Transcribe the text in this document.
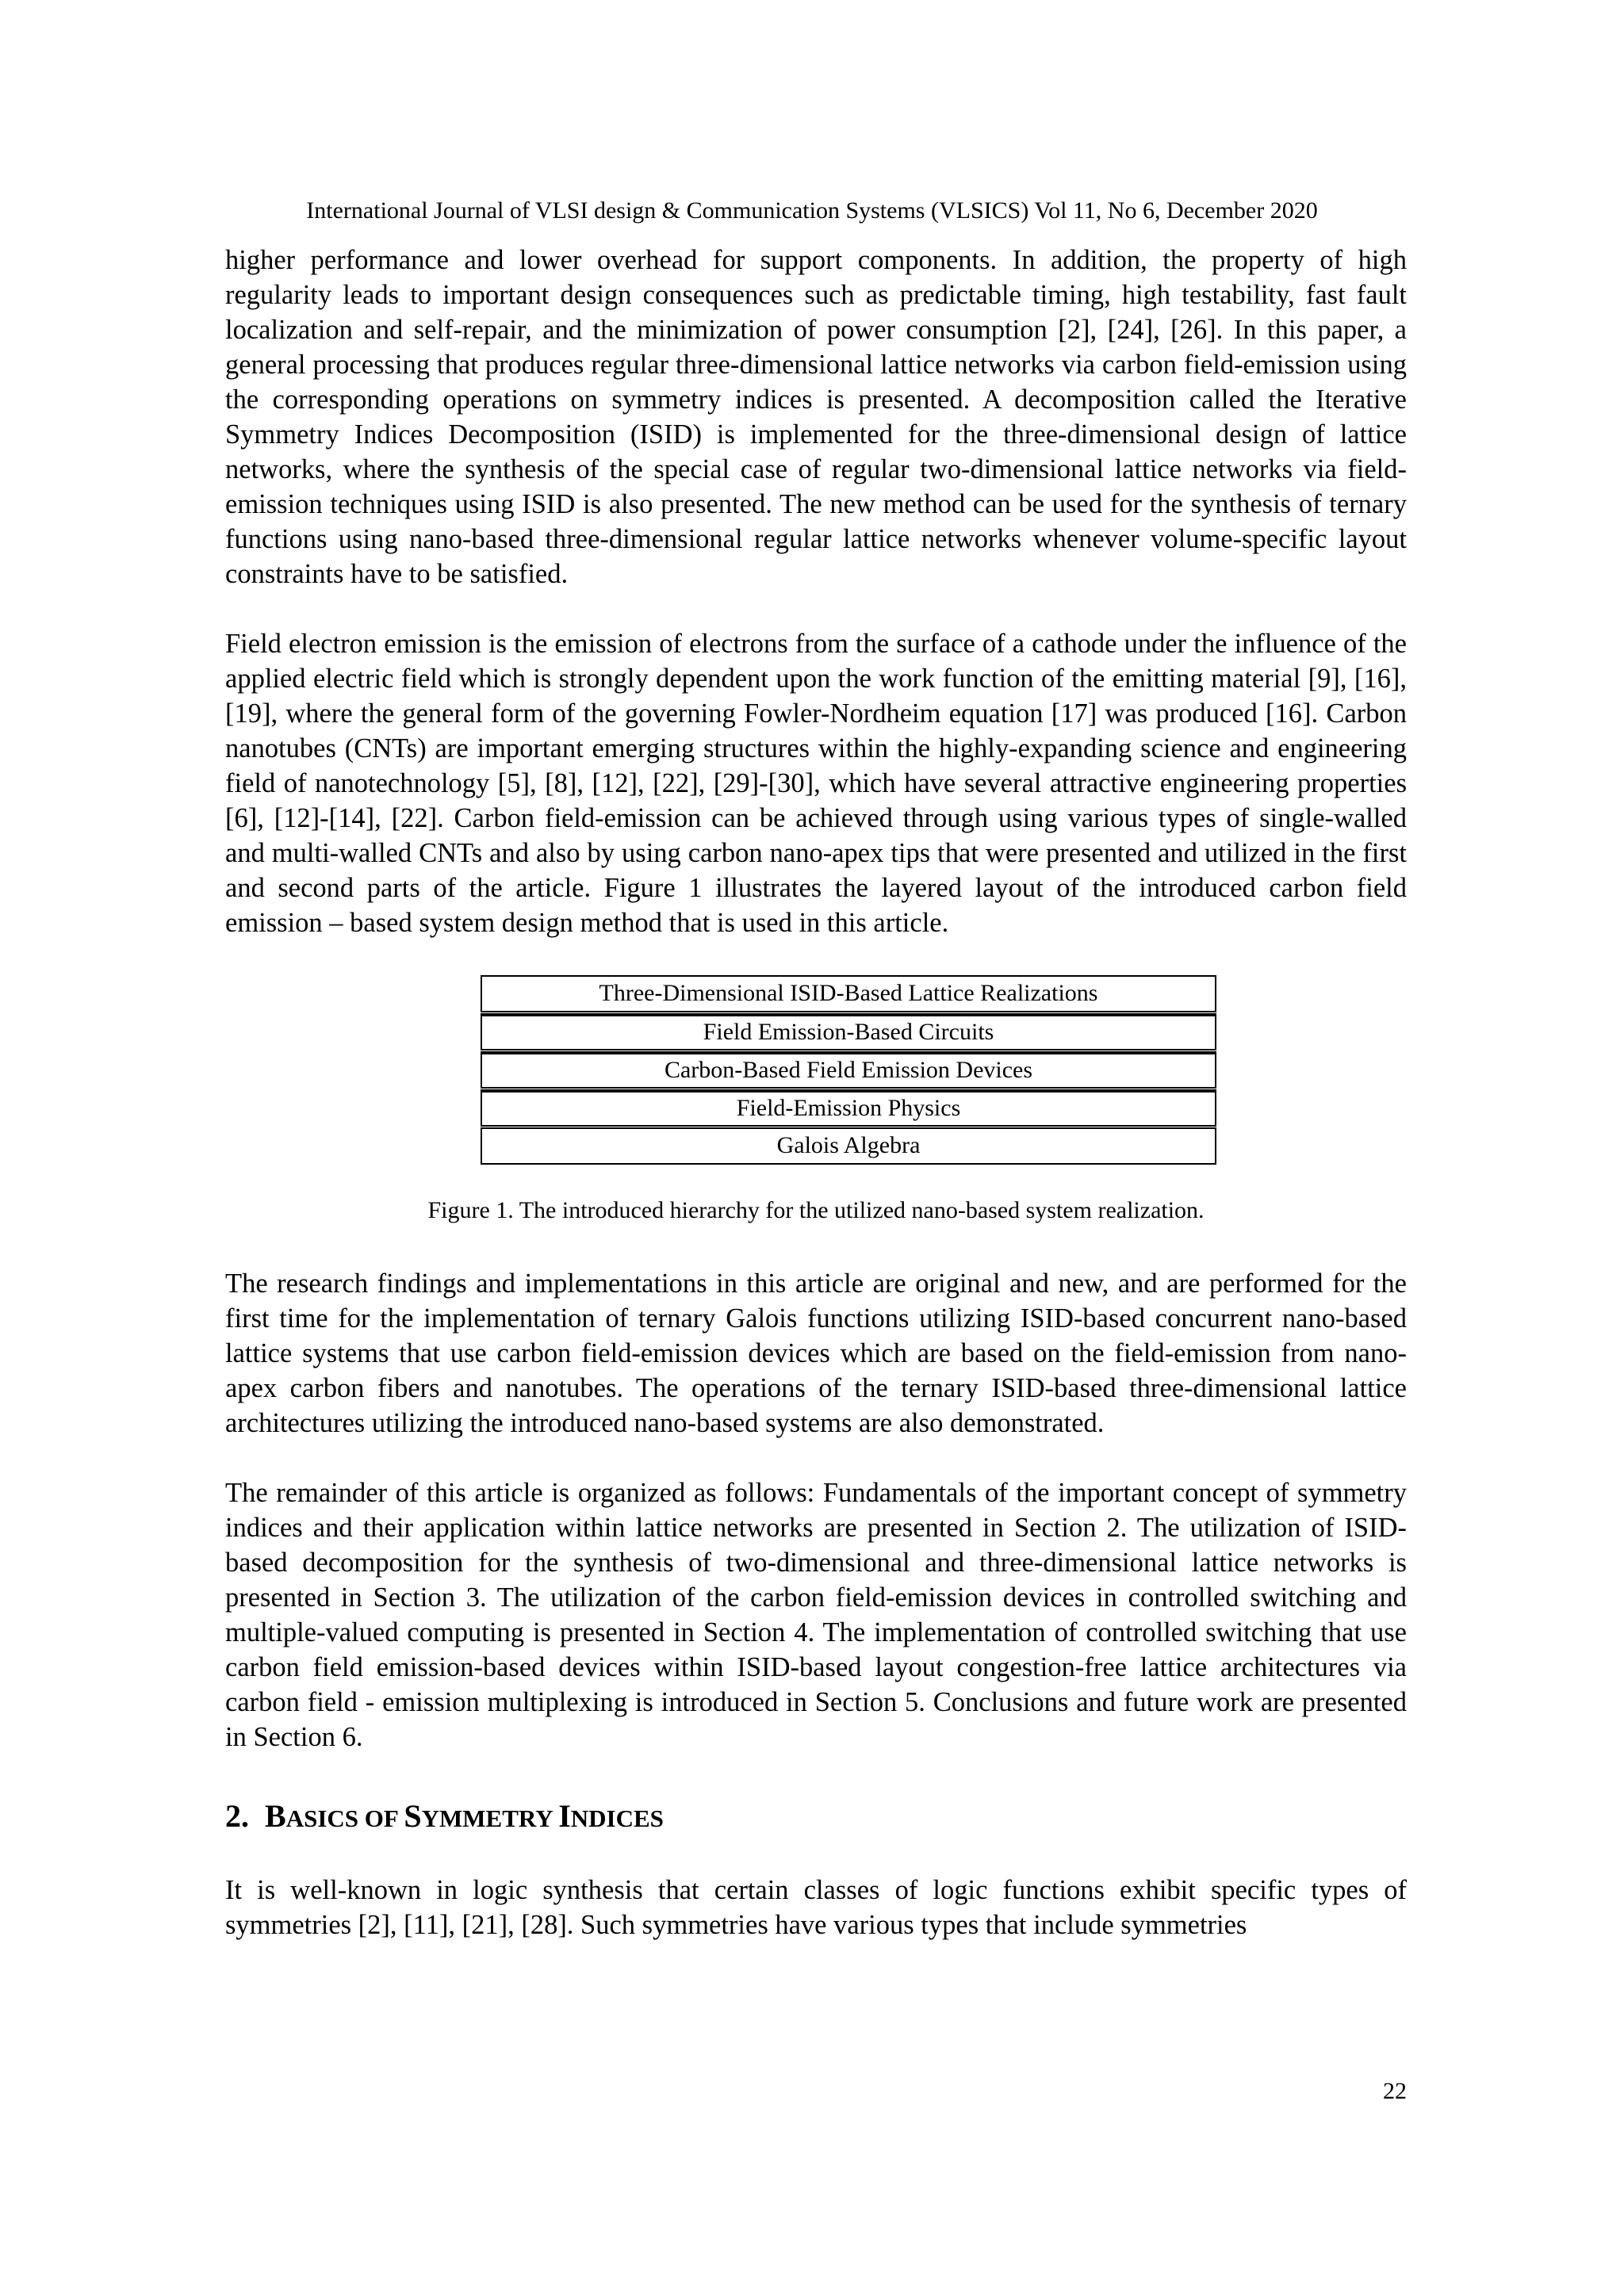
International Journal of VLSI design & Communication Systems (VLSICS) Vol 11, No 6, December 2020

higher performance and lower overhead for support components. In addition, the property of high regularity leads to important design consequences such as predictable timing, high testability, fast fault localization and self-repair, and the minimization of power consumption [2], [24], [26]. In this paper, a general processing that produces regular three-dimensional lattice networks via carbon field-emission using the corresponding operations on symmetry indices is presented. A decomposition called the Iterative Symmetry Indices Decomposition (ISID) is implemented for the three-dimensional design of lattice networks, where the synthesis of the special case of regular two-dimensional lattice networks via field-emission techniques using ISID is also presented. The new method can be used for the synthesis of ternary functions using nano-based three-dimensional regular lattice networks whenever volume-specific layout constraints have to be satisfied.

Field electron emission is the emission of electrons from the surface of a cathode under the influence of the applied electric field which is strongly dependent upon the work function of the emitting material [9], [16], [19], where the general form of the governing Fowler-Nordheim equation [17] was produced [16]. Carbon nanotubes (CNTs) are important emerging structures within the highly-expanding science and engineering field of nanotechnology [5], [8], [12], [22], [29]-[30], which have several attractive engineering properties [6], [12]-[14], [22]. Carbon field-emission can be achieved through using various types of single-walled and multi-walled CNTs and also by using carbon nano-apex tips that were presented and utilized in the first and second parts of the article. Figure 1 illustrates the layered layout of the introduced carbon field emission – based system design method that is used in this article.

Three-Dimensional ISID-Based Lattice Realizations
Field Emission-Based Circuits
Carbon-Based Field Emission Devices
Field-Emission Physics
Galois Algebra
Figure 1. The introduced hierarchy for the utilized nano-based system realization.

The research findings and implementations in this article are original and new, and are performed for the first time for the implementation of ternary Galois functions utilizing ISID-based concurrent nano-based lattice systems that use carbon field-emission devices which are based on the field-emission from nano-apex carbon fibers and nanotubes. The operations of the ternary ISID-based three-dimensional lattice architectures utilizing the introduced nano-based systems are also demonstrated.

The remainder of this article is organized as follows: Fundamentals of the important concept of symmetry indices and their application within lattice networks are presented in Section 2. The utilization of ISID-based decomposition for the synthesis of two-dimensional and three-dimensional lattice networks is presented in Section 3. The utilization of the carbon field-emission devices in controlled switching and multiple-valued computing is presented in Section 4. The implementation of controlled switching that use carbon field emission-based devices within ISID-based layout congestion-free lattice architectures via carbon field - emission multiplexing is introduced in Section 5. Conclusions and future work are presented in Section 6.

2. BASICS OF SYMMETRY INDICES

It is well-known in logic synthesis that certain classes of logic functions exhibit specific types of symmetries [2], [11], [21], [28]. Such symmetries have various types that include symmetries

22
